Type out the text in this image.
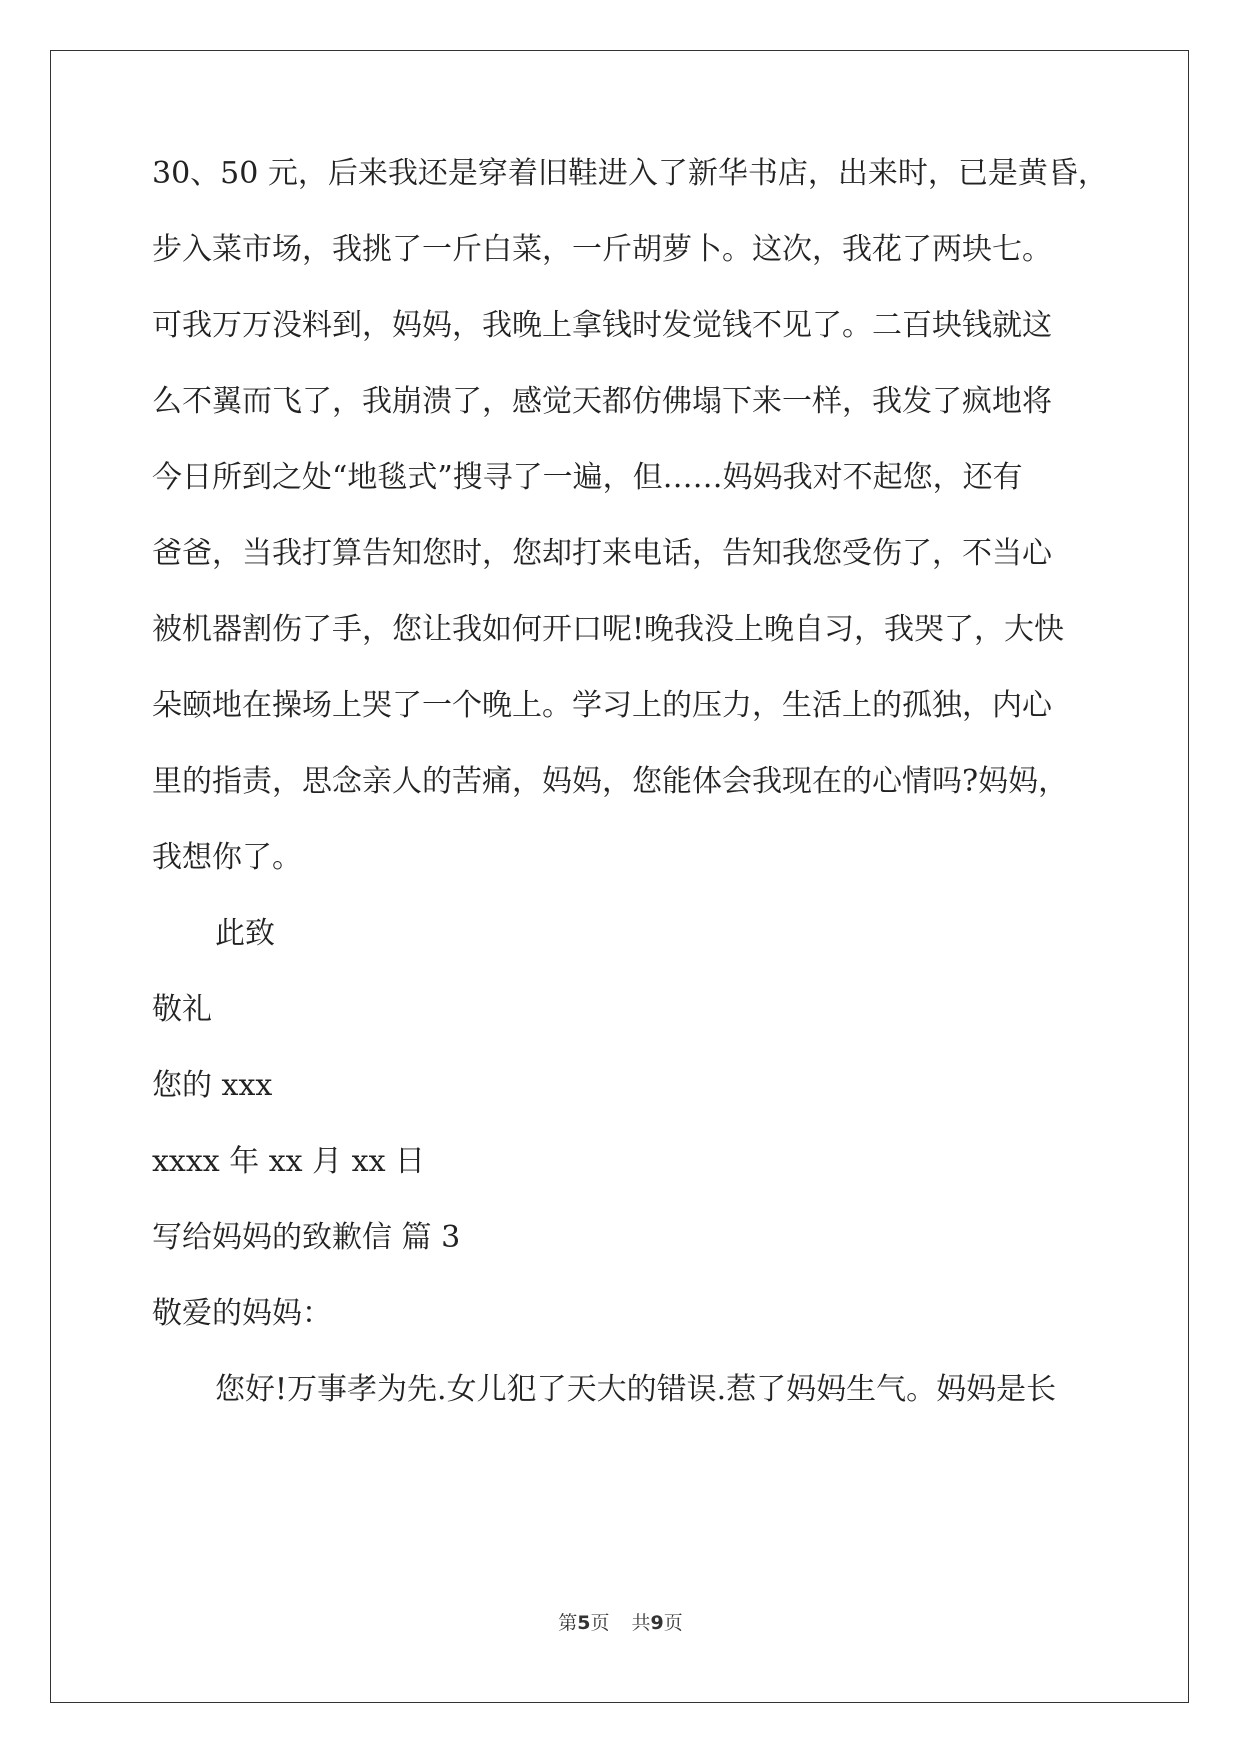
30、50 元，后来我还是穿着旧鞋进入了新华书店，出来时，已是黄昏，
步入菜市场，我挑了一斤白菜，一斤胡萝卜。这次，我花了两块七。
可我万万没料到，妈妈，我晚上拿钱时发觉钱不见了。二百块钱就这
么不翼而飞了，我崩溃了，感觉天都仿佛塌下来一样，我发了疯地将
今日所到之处“地毯式”搜寻了一遍，但……妈妈我对不起您，还有
爸爸，当我打算告知您时，您却打来电话，告知我您受伤了，不当心
被机器割伤了手，您让我如何开口呢!晚我没上晚自习，我哭了，大快
朵颐地在操场上哭了一个晚上。学习上的压力，生活上的孤独，内心
里的指责，思念亲人的苦痛，妈妈，您能体会我现在的心情吗?妈妈，
我想你了。
此致
敬礼
您的 xxx
xxxx 年 xx 月 xx 日
写给妈妈的致歉信 篇 3
敬爱的妈妈：
您好!万事孝为先.女儿犯了天大的错误.惹了妈妈生气。妈妈是长
第5页 共9页
